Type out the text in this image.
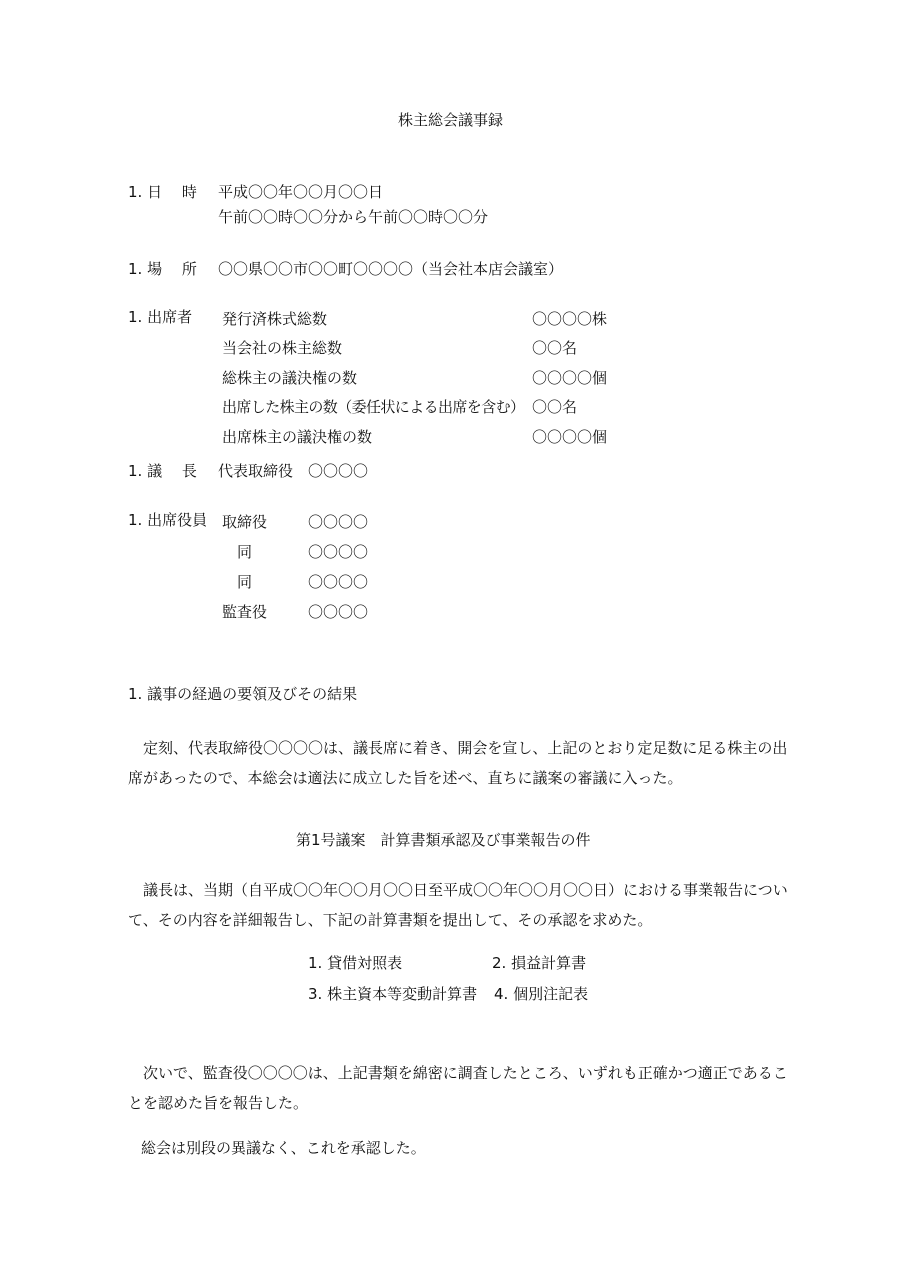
株主総会議事録
1. 日　 時 平成〇〇年〇〇月〇〇日
午前〇〇時〇〇分から午前〇〇時〇〇分
1. 場　 所 〇〇県〇〇市〇〇町〇〇〇〇（当会社本店会議室）
1. 出席者 発行済株式総数	〇〇〇〇株
当会社の株主総数	〇〇名
総株主の議決権の数	〇〇〇〇個
出席した株主の数（委任状による出席を含む） 〇〇名
出席株主の議決権の数	〇〇〇〇個
1. 議　 長 代表取締役　〇〇〇〇
1. 出席役員 取締役	〇〇〇〇
同	〇〇〇〇
同	〇〇〇〇
監査役	〇〇〇〇
1. 議事の経過の要領及びその結果
定刻、代表取締役〇〇〇〇は、議長席に着き、開会を宣し、上記のとおり定足数に足る株主の出席があったので、本総会は適法に成立した旨を述べ、直ちに議案の審議に入った。
第1号議案　計算書類承認及び事業報告の件
議長は、当期（自平成〇〇年〇〇月〇〇日至平成〇〇年〇〇月〇〇日）における事業報告について、その内容を詳細報告し、下記の計算書類を提出して、その承認を求めた。
1. 貸借対照表	2. 損益計算書
3. 株主資本等変動計算書 4. 個別注記表
次いで、監査役〇〇〇〇は、上記書類を綿密に調査したところ、いずれも正確かつ適正であることを認めた旨を報告した。
総会は別段の異議なく、これを承認した。
